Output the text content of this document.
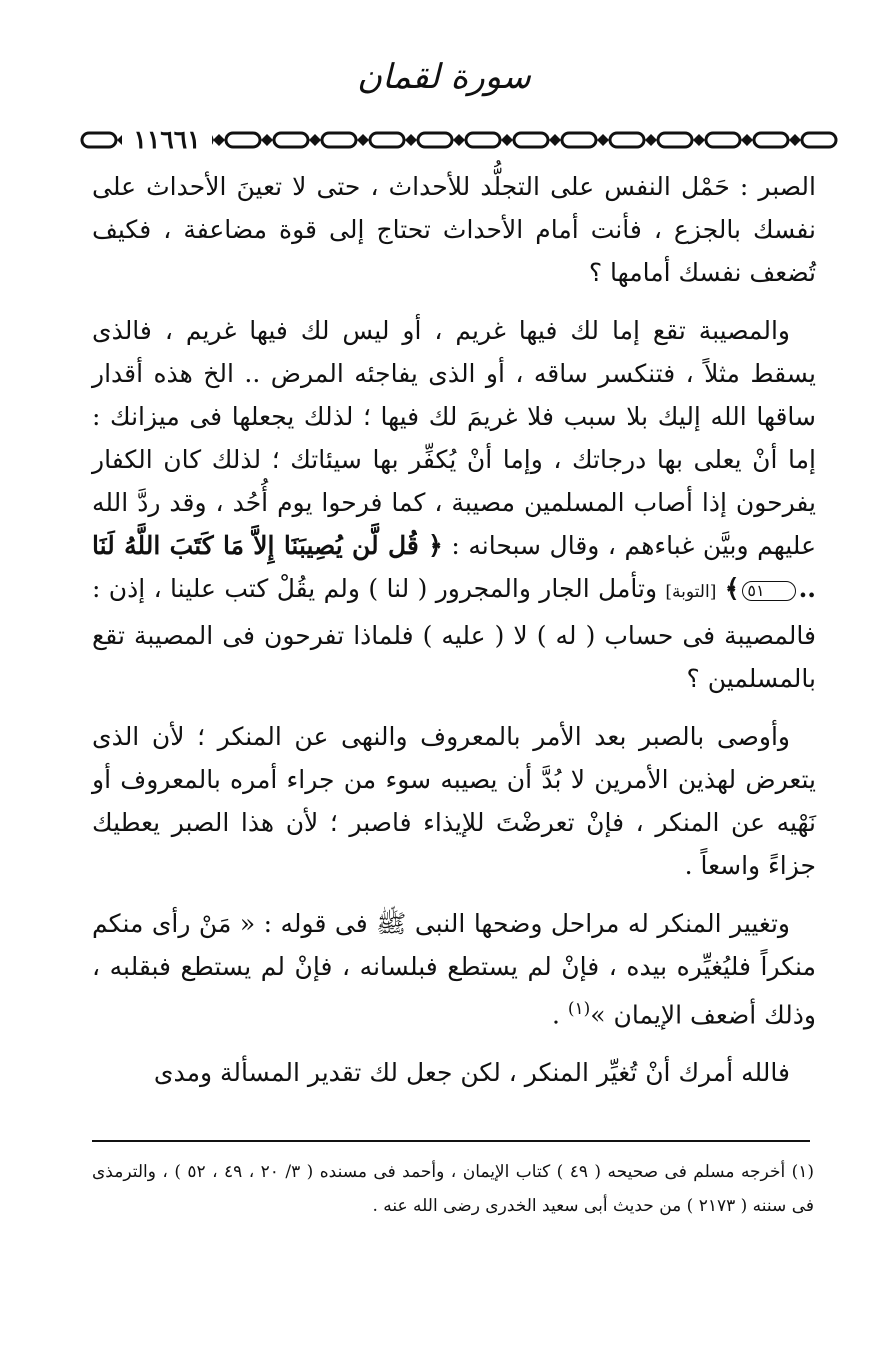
سورة لقمان
١١٦٦١

الصبر : حَمْل النفس على التجلُّد للأحداث ، حتى لا تعينَ الأحداث على نفسك بالجزع ، فأنت أمام الأحداث تحتاج إلى قوة مضاعفة ، فكيف تُضعف نفسك أمامها ؟

والمصيبة تقع إما لك فيها غريم ، أو ليس لك فيها غريم ، فالذى يسقط مثلاً ، فتنكسر ساقه ، أو الذى يفاجئه المرض .. الخ هذه أقدار ساقها الله إليك بلا سبب فلا غريمَ لك فيها ؛ لذلك يجعلها فى ميزانك : إما أنْ يعلى بها درجاتك ، وإما أنْ يُكفِّر بها سيئاتك ؛ لذلك كان الكفار يفرحون إذا أصاب المسلمين مصيبة ، كما فرحوا يوم أُحُد ، وقد ردَّ الله عليهم وبيَّن غباءهم ، وقال سبحانه : ﴿ قُل لَّن يُصِيبَنَا إِلاَّ مَا كَتَبَ اللَّهُ لَنَا ..٥١﴾ [التوبة] وتأمل الجار والمجرور ( لنا ) ولم يقُلْ كتب علينا ، إذن : فالمصيبة فى حساب ( له ) لا ( عليه ) فلماذا تفرحون فى المصيبة تقع بالمسلمين ؟

وأوصى بالصبر بعد الأمر بالمعروف والنهى عن المنكر ؛ لأن الذى يتعرض لهذين الأمرين لا بُدَّ أن يصيبه سوء من جراء أمره بالمعروف أو نَهْيه عن المنكر ، فإنْ تعرضْتَ للإيذاء فاصبر ؛ لأن هذا الصبر يعطيك جزاءً واسعاً .

وتغيير المنكر له مراحل وضحها النبى ﷺ فى قوله : « مَنْ رأى منكم منكراً فليُغيِّره بيده ، فإنْ لم يستطع فبلسانه ، فإنْ لم يستطع فبقلبه ، وذلك أضعف الإيمان »$^{(١)}$ .

فالله أمرك أنْ تُغيِّر المنكر ، لكن جعل لك تقدير المسألة ومدى

(١) أخرجه مسلم فى صحيحه ( ٤٩ ) كتاب الإيمان ، وأحمد فى مسنده ( ٣/ ٢٠ ، ٤٩ ، ٥٢ ) ، والترمذى فى سننه ( ٢١٧٣ ) من حديث أبى سعيد الخدرى رضى الله عنه .
